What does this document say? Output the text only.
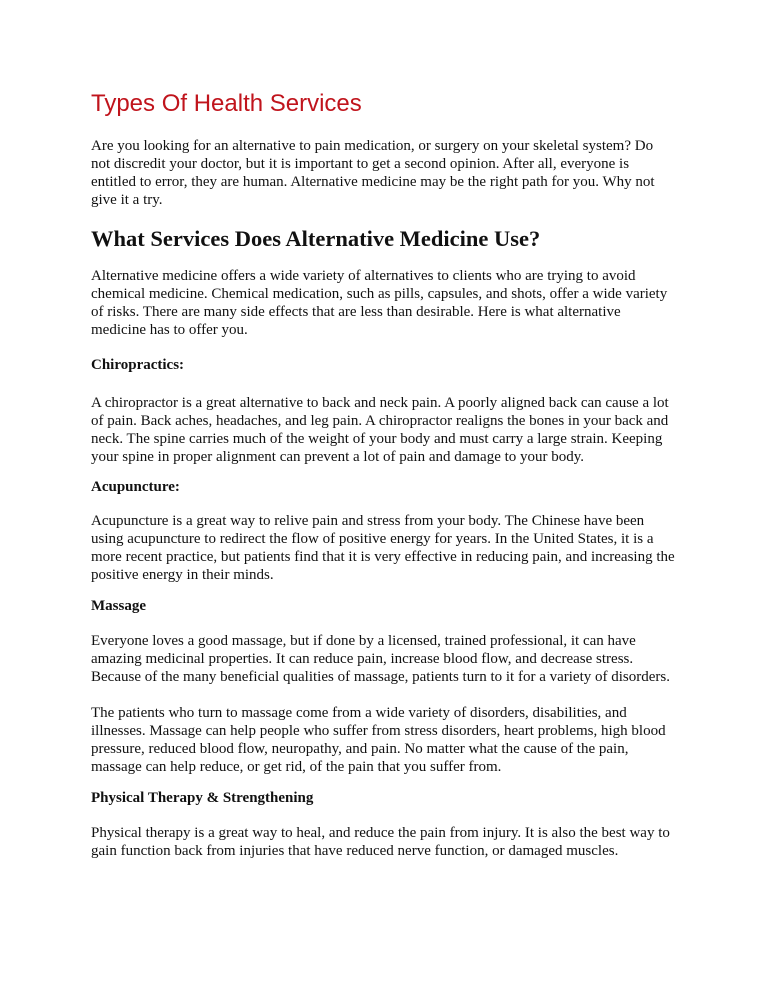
Types Of Health Services
Are you looking for an alternative to pain medication, or surgery on your skeletal system? Do
not discredit your doctor, but it is important to get a second opinion. After all, everyone is
entitled to error, they are human. Alternative medicine may be the right path for you. Why not
give it a try.
What Services Does Alternative Medicine Use?
Alternative medicine offers a wide variety of alternatives to clients who are trying to avoid
chemical medicine. Chemical medication, such as pills, capsules, and shots, offer a wide variety
of risks. There are many side effects that are less than desirable. Here is what alternative
medicine has to offer you.
Chiropractics:
A chiropractor is a great alternative to back and neck pain. A poorly aligned back can cause a lot
of pain. Back aches, headaches, and leg pain. A chiropractor realigns the bones in your back and
neck. The spine carries much of the weight of your body and must carry a large strain. Keeping
your spine in proper alignment can prevent a lot of pain and damage to your body.
Acupuncture:
Acupuncture is a great way to relive pain and stress from your body. The Chinese have been
using acupuncture to redirect the flow of positive energy for years. In the United States, it is a
more recent practice, but patients find that it is very effective in reducing pain, and increasing the
positive energy in their minds.
Massage
Everyone loves a good massage, but if done by a licensed, trained professional, it can have
amazing medicinal properties. It can reduce pain, increase blood flow, and decrease stress.
Because of the many beneficial qualities of massage, patients turn to it for a variety of disorders.
The patients who turn to massage come from a wide variety of disorders, disabilities, and
illnesses. Massage can help people who suffer from stress disorders, heart problems, high blood
pressure, reduced blood flow, neuropathy, and pain. No matter what the cause of the pain,
massage can help reduce, or get rid, of the pain that you suffer from.
Physical Therapy & Strengthening
Physical therapy is a great way to heal, and reduce the pain from injury. It is also the best way to
gain function back from injuries that have reduced nerve function, or damaged muscles.
